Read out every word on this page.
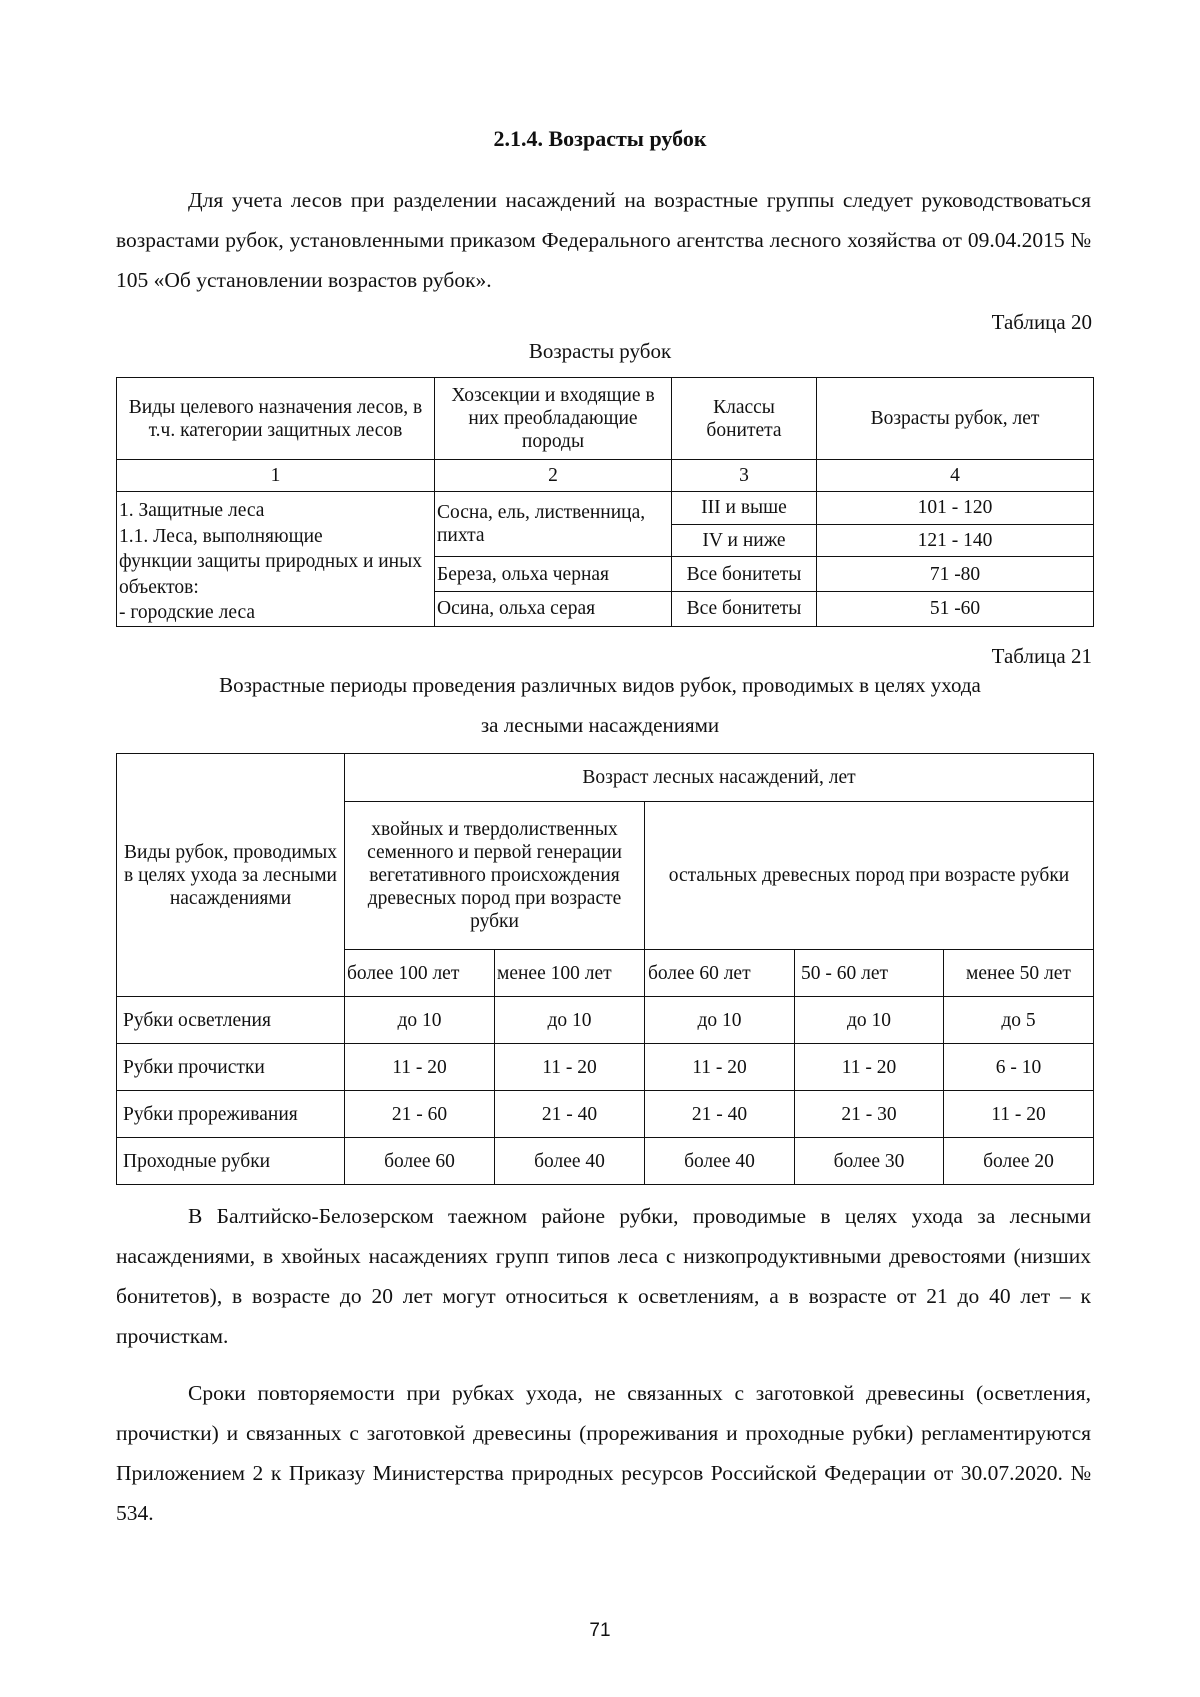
2.1.4. Возрасты рубок
Для учета лесов при разделении насаждений на возрастные группы следует руководствоваться возрастами рубок, установленными приказом Федерального агентства лесного хозяйства от 09.04.2015 № 105 «Об установлении возрастов рубок».
Таблица 20
Возрасты рубок
Виды целевого назначения лесов, в т.ч. категории защитных лесов	Хозсекции и входящие в них преобладающие породы	Классы бонитета	Возрасты рубок, лет
1	2	3	4

1. Защитные леса
1.1. Леса, выполняющие
функции защиты природных и иных объектов:
- городские леса	Сосна, ель, лиственница, пихта	III и выше	101 - 120
		IV и ниже	121 - 140
	Береза, ольха черная	Все бонитеты	71 -80
	Осина, ольха серая	Все бонитеты	51 -60
Таблица 21
Возрастные периоды проведения различных видов рубок, проводимых в целях ухода
за лесными насаждениями
Виды рубок, проводимых в целях ухода за лесными насаждениями	Возраст лесных насаждений, лет				
	хвойных и твердолиственных семенного и первой генерации вегетативного происхождения древесных пород при возрасте рубки		остальных древесных пород при возрасте рубки		
	более 100 лет	менее 100 лет	более 60 лет	50 - 60 лет	менее 50 лет
Рубки осветления	до 10	до 10	до 10	до 10	до 5
Рубки прочистки	11 - 20	11 - 20	11 - 20	11 - 20	6 - 10
Рубки прореживания	21 - 60	21 - 40	21 - 40	21 - 30	11 - 20
Проходные рубки	более 60	более 40	более 40	более 30	более 20
В Балтийско-Белозерском таежном районе рубки, проводимые в целях ухода за лесными насаждениями, в хвойных насаждениях групп типов леса с низкопродуктивными древостоями (низших бонитетов), в возрасте до 20 лет могут относиться к осветлениям, а в возрасте от 21 до 40 лет – к прочисткам.
Сроки повторяемости при рубках ухода, не связанных с заготовкой древесины (осветления, прочистки) и связанных с заготовкой древесины (прореживания и проходные рубки) регламентируются Приложением 2 к Приказу Министерства природных ресурсов Российской Федерации от 30.07.2020. № 534.
71
